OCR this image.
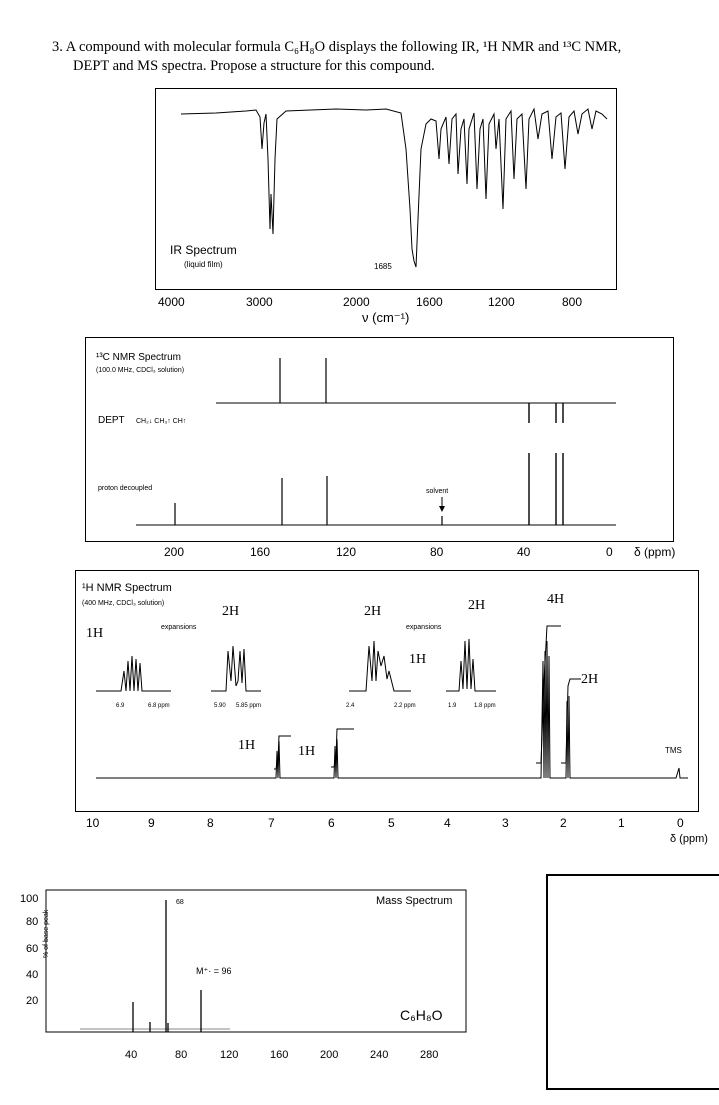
3. A compound with molecular formula C₆H₈O displays the following IR, ¹H NMR and ¹³C NMR,
DEPT and MS spectra. Propose a structure for this compound.
IR Spectrum
(liquid film)	1685
4000	3000	2000	1600	1200	800
ν (cm⁻¹)
¹³C NMR Spectrum
(100.0 MHz, CDCl₃ solution)
DEPT CH₂↓ CH₃↑ CH↑
proton decoupled	solvent
200	160	120	80	40	0 δ (ppm)
¹H NMR Spectrum
(400 MHz, CDCl₃ solution)
expansions	expansions
6.9	6.8 ppm	5.90 5.85 ppm	2.4	2.2 ppm	1.9	1.8 ppm
1H
2H	2H	2H	4H
1H
2H
1H	1H	TMS
10	9	8	7	6	5	4	3	2	1	0
δ (ppm)
% of base peak
100
80
60
40
20
68
M⁺· = 96
Mass Spectrum
C₆H₈O
40	80	120	160	200	240	280
